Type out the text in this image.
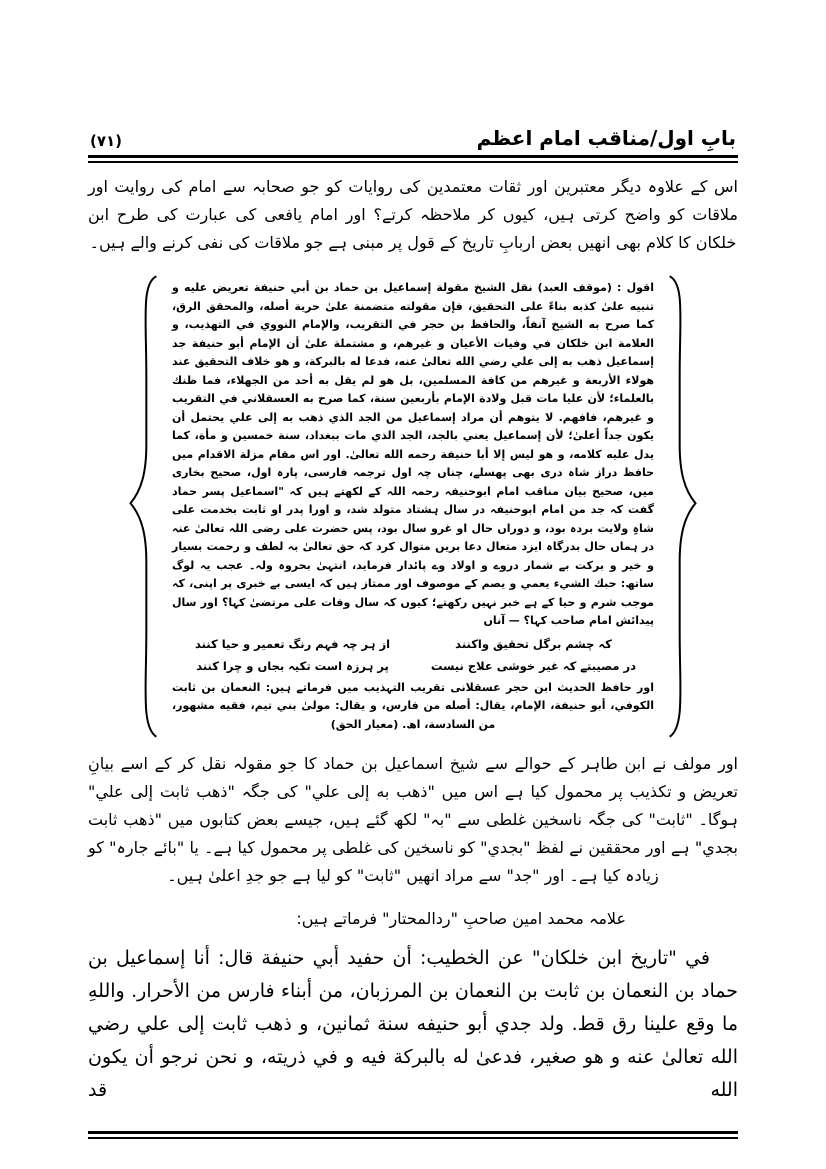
بابِ اول/مناقب امام اعظم
(۷۱)

اس کے علاوہ دیگر معتبرین اور ثقات معتمدین کی روایات کو جو صحابہ سے امام کی روایت اور ملاقات کو واضح کرتی ہیں، کیوں کر ملاحظہ کرتے؟ اور امام یافعی کی عبارت کی طرح ابن خلکان کا کلام بھی انھیں بعض اربابِ تاریخ کے قول پر مبنی ہے جو ملاقات کی نفی کرنے والے ہیں۔

اقول : (موقف العبد) نقل الشیخ مقولة إسماعیل بن حماد بن أبي حنیفة تعریض علیه و تنبیه علیٰ كذبه بناءً علی التحقیق، فإن مقولته متضمنة علیٰ حریة أصله، والمحقق الرق، كما صرح به الشیخ آنفاً، والحافظ بن حجر في التقریب، والإمام النووي في التهذیب، و العلامة ابن خلكان في وفیات الأعیان و غیرهم، و مشتملة علیٰ أن الإمام أبو حنیفة جد إسماعیل ذهب به إلی علي رضي الله تعالیٰ عنه، فدعا له بالبركة، و هو خلاف التحقیق عند هولاء الأربعة و غیرهم من كافة المسلمین، بل هو لم یقل به أحد من الجهلاء، فما ظنك بالعلماء؛ لأن علیا مات قبل ولادة الإمام بأربعین سنة، كما صرح به العسقلاني في التقریب و غیرهم، فافهم. لا یتوهم أن مراد إسماعیل من الجد الذي ذهب به إلی علي یحتمل أن یكون جداً أعلیٰ؛ لأن إسماعیل یعني بالجد، الجد الذي مات ببغداد، سنة خمسین و مأة، كما یدل علیه كلامه، و هو لیس إلا أبا حنیفة رحمه الله تعالیٰ. اور اس مقام مزلة الاقدام میں حافظ دراز شاہ دری بھی پھسلے، چناں چہ اول ترجمہ فارسی، پارہ اول، صحیح بخاری میں، صحیح بیان مناقب امام ابوحنیفہ رحمہ اللہ کے لکھتے ہیں کہ "اسماعیل پسر حماد گفت کہ جد من امام ابوحنیفہ در سال ہشتاد متولد شد، و اورا پدر او ثابت بخدمت علی شاہِ ولایت بردہ بود، و دوراں حال او غرو سال بود، پس حضرت علی رضی اللہ تعالیٰ عنہ در ہماں حال بدرگاہ ایزد متعال دعا بریں متوال کرد کہ حق تعالیٰ بہ لطف و رحمت بسیار و خیر و برکت بے شمار دروے و اولاد وے پائدار فرماید، انتہیٰ بحروہ ولہ۔ عجب یہ لوگ ساتھ: حبك الشيء یعمي و یصم کے موصوف اور ممتاز ہیں کہ ایسی بے خبری پر اپنی، کہ موجب شرم و حیا کے ہے خبر نہیں رکھتے؛ کیوں کہ سال وفات علی مرتضیٰ کہا؟ اور سال پیدائش امام صاحب کہا؟ — آناں
کہ چشم برگل تحقیق واکنند
از ہر چہ فہم رنگ تعمیر و حیا کنند
در مصیبتے کہ غیر خوشی علاج نیست
پر ہرزہ است تکیہ بجاں و چرا کنند
اور حافظ الحدیث ابن حجر عسقلانی تقریب التہذیب میں فرماتے ہیں: النعمان بن ثابت الكوفي، أبو حنیفة، الإمام، یقال: أصله من فارس، و یقال: مولیٰ بني تیم، فقیه مشهور، من السادسة، اھ. (معیار الحق)

اور مولف نے ابن طاہر کے حوالے سے شیخ اسماعیل بن حماد کا جو مقولہ نقل کر کے اسے بیانِ تعریض و تکذیب پر محمول کیا ہے اس میں "ذهب به إلی علي" کی جگہ "ذهب ثابت إلی علي" ہوگا۔ "ثابت" کی جگہ ناسخین غلطی سے "بہ" لکھ گئے ہیں، جیسے بعض کتابوں میں "ذهب ثابت بجدي" ہے اور محققین نے لفظ "بجدي" کو ناسخین کی غلطی پر محمول کیا ہے۔ یا "بائے جارہ" کو زیادہ کیا ہے۔ اور "جد" سے مراد انھیں "ثابت" کو لیا ہے جو جدِ اعلیٰ ہیں۔

علامہ محمد امین صاحبِ "ردالمحتار" فرماتے ہیں:

في "تاریخ ابن خلكان" عن الخطیب: أن حفید أبي حنیفة قال: أنا إسماعیل بن حماد بن النعمان بن ثابت بن النعمان بن المرزبان، من أبناء فارس من الأحرار. واللهِ ما وقع علینا رق قط. ولد جدي أبو حنیفه سنة ثمانین، و ذهب ثابت إلی علي رضي الله تعالیٰ عنه و هو صغیر، فدعیٰ له بالبركة فیه و في ذریته، و نحن نرجو أن یكون الله قد
